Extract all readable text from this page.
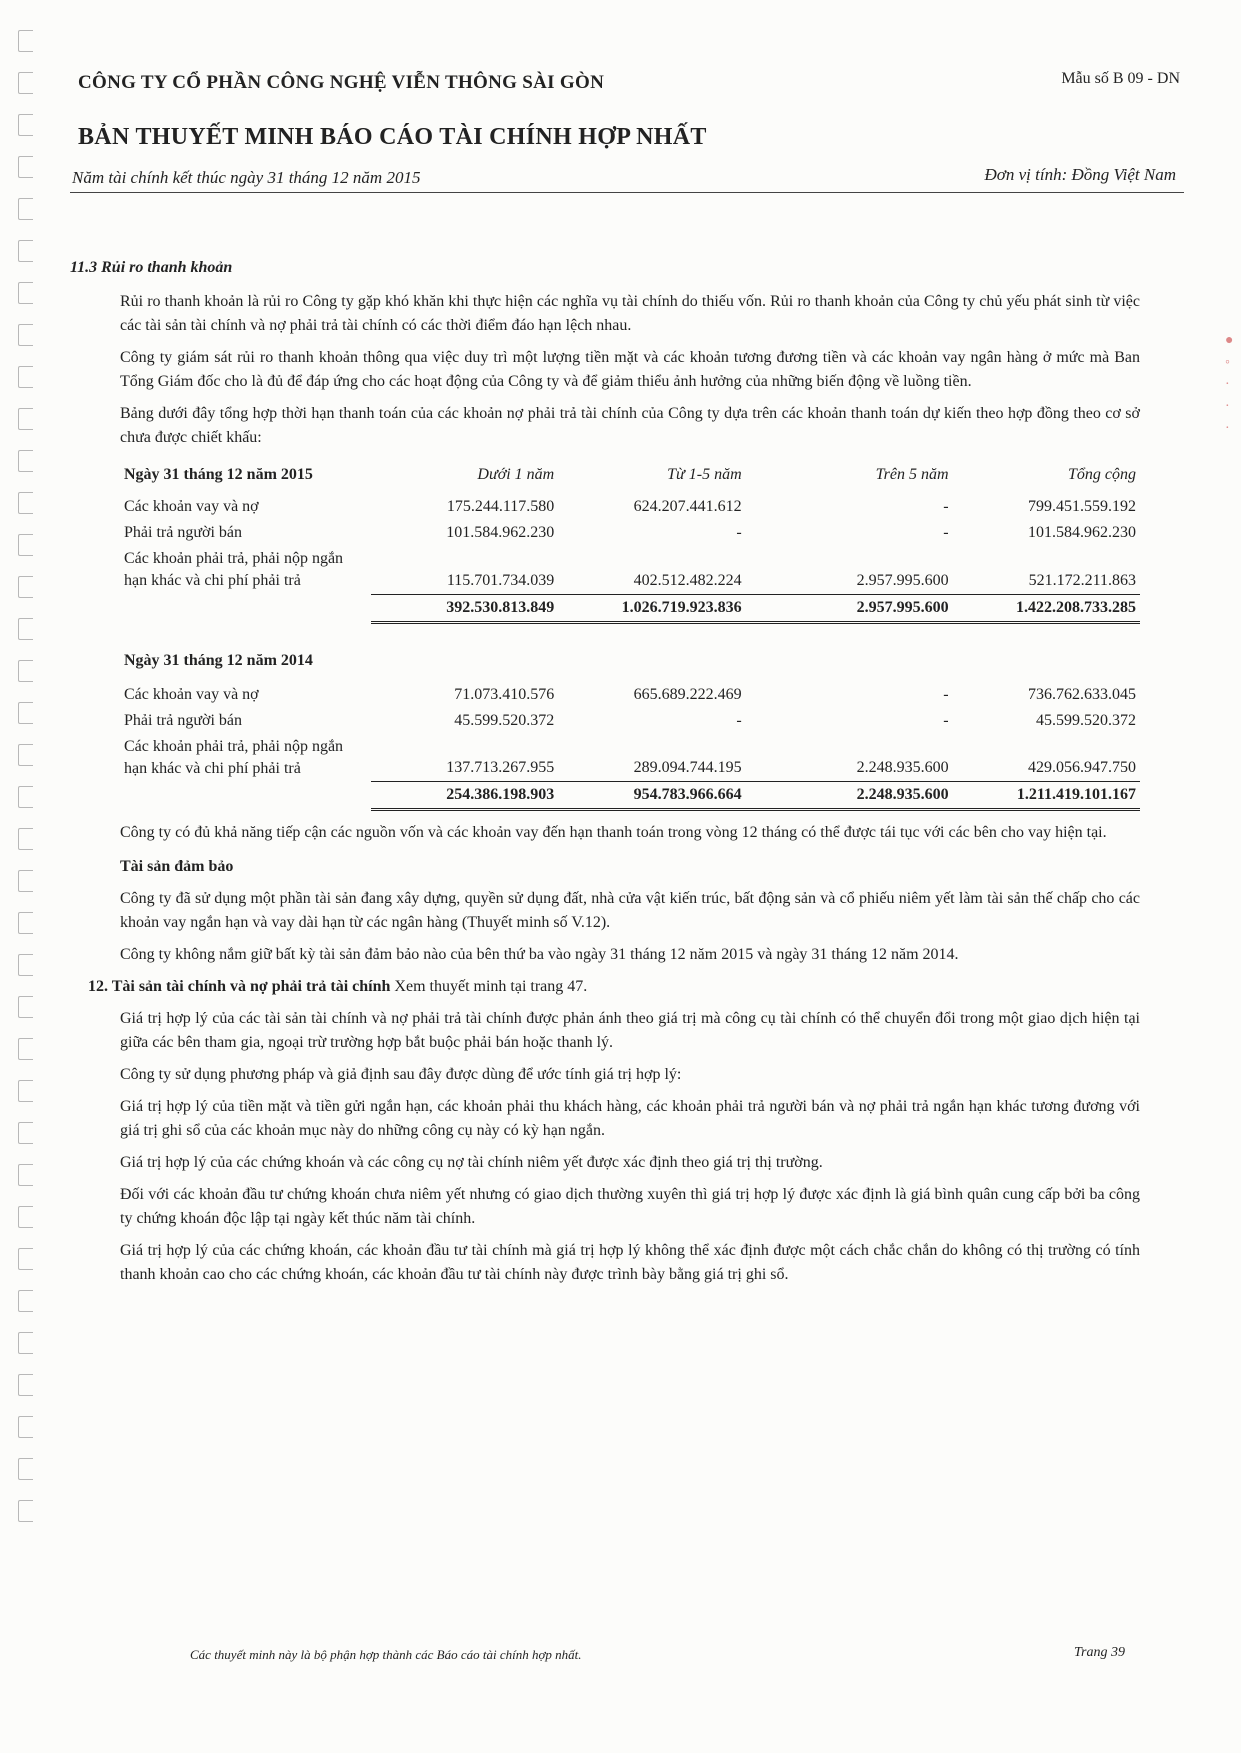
●
◦
·
·
·
CÔNG TY CỔ PHẦN CÔNG NGHỆ VIỄN THÔNG SÀI GÒN	Mẫu số B 09 - DN
BẢN THUYẾT MINH BÁO CÁO TÀI CHÍNH HỢP NHẤT
Năm tài chính kết thúc ngày 31 tháng 12 năm 2015	Đơn vị tính: Đồng Việt Nam
11.3 Rủi ro thanh khoản

Rủi ro thanh khoản là rủi ro Công ty gặp khó khăn khi thực hiện các nghĩa vụ tài chính do thiếu vốn. Rủi ro thanh khoản của Công ty chủ yếu phát sinh từ việc các tài sản tài chính và nợ phải trả tài chính có các thời điểm đáo hạn lệch nhau.

Công ty giám sát rủi ro thanh khoản thông qua việc duy trì một lượng tiền mặt và các khoản tương đương tiền và các khoản vay ngân hàng ở mức mà Ban Tổng Giám đốc cho là đủ để đáp ứng cho các hoạt động của Công ty và để giảm thiểu ảnh hưởng của những biến động về luồng tiền.

Bảng dưới đây tổng hợp thời hạn thanh toán của các khoản nợ phải trả tài chính của Công ty dựa trên các khoản thanh toán dự kiến theo hợp đồng theo cơ sở chưa được chiết khấu:

Ngày 31 tháng 12 năm 2015	Dưới 1 năm	Từ 1-5 năm	Trên 5 năm	Tổng cộng
Các khoản vay và nợ	175.244.117.580	624.207.441.612	-	799.451.559.192
Phải trả người bán	101.584.962.230	-	-	101.584.962.230
Các khoản phải trả, phải nộp ngắn hạn khác và chi phí phải trả	115.701.734.039	402.512.482.224	2.957.995.600	521.172.211.863
	392.530.813.849	1.026.719.923.836	2.957.995.600	1.422.208.733.285

Ngày 31 tháng 12 năm 2014				
Các khoản vay và nợ	71.073.410.576	665.689.222.469	-	736.762.633.045
Phải trả người bán	45.599.520.372	-	-	45.599.520.372
Các khoản phải trả, phải nộp ngắn hạn khác và chi phí phải trả	137.713.267.955	289.094.744.195	2.248.935.600	429.056.947.750
	254.386.198.903	954.783.966.664	2.248.935.600	1.211.419.101.167

Công ty có đủ khả năng tiếp cận các nguồn vốn và các khoản vay đến hạn thanh toán trong vòng 12 tháng có thể được tái tục với các bên cho vay hiện tại.

Tài sản đảm bảo

Công ty đã sử dụng một phần tài sản đang xây dựng, quyền sử dụng đất, nhà cửa vật kiến trúc, bất động sản và cổ phiếu niêm yết làm tài sản thế chấp cho các khoản vay ngắn hạn và vay dài hạn từ các ngân hàng (Thuyết minh số V.12).

Công ty không nắm giữ bất kỳ tài sản đảm bảo nào của bên thứ ba vào ngày 31 tháng 12 năm 2015 và ngày 31 tháng 12 năm 2014.

12. Tài sản tài chính và nợ phải trả tài chính Xem thuyết minh tại trang 47.

Giá trị hợp lý của các tài sản tài chính và nợ phải trả tài chính được phản ánh theo giá trị mà công cụ tài chính có thể chuyển đổi trong một giao dịch hiện tại giữa các bên tham gia, ngoại trừ trường hợp bắt buộc phải bán hoặc thanh lý.

Công ty sử dụng phương pháp và giả định sau đây được dùng để ước tính giá trị hợp lý:

Giá trị hợp lý của tiền mặt và tiền gửi ngắn hạn, các khoản phải thu khách hàng, các khoản phải trả người bán và nợ phải trả ngắn hạn khác tương đương với giá trị ghi sổ của các khoản mục này do những công cụ này có kỳ hạn ngắn.

Giá trị hợp lý của các chứng khoán và các công cụ nợ tài chính niêm yết được xác định theo giá trị thị trường.

Đối với các khoản đầu tư chứng khoán chưa niêm yết nhưng có giao dịch thường xuyên thì giá trị hợp lý được xác định là giá bình quân cung cấp bởi ba công ty chứng khoán độc lập tại ngày kết thúc năm tài chính.

Giá trị hợp lý của các chứng khoán, các khoản đầu tư tài chính mà giá trị hợp lý không thể xác định được một cách chắc chắn do không có thị trường có tính thanh khoản cao cho các chứng khoán, các khoản đầu tư tài chính này được trình bày bằng giá trị ghi sổ.

Các thuyết minh này là bộ phận hợp thành các Báo cáo tài chính hợp nhất.	Trang 39
